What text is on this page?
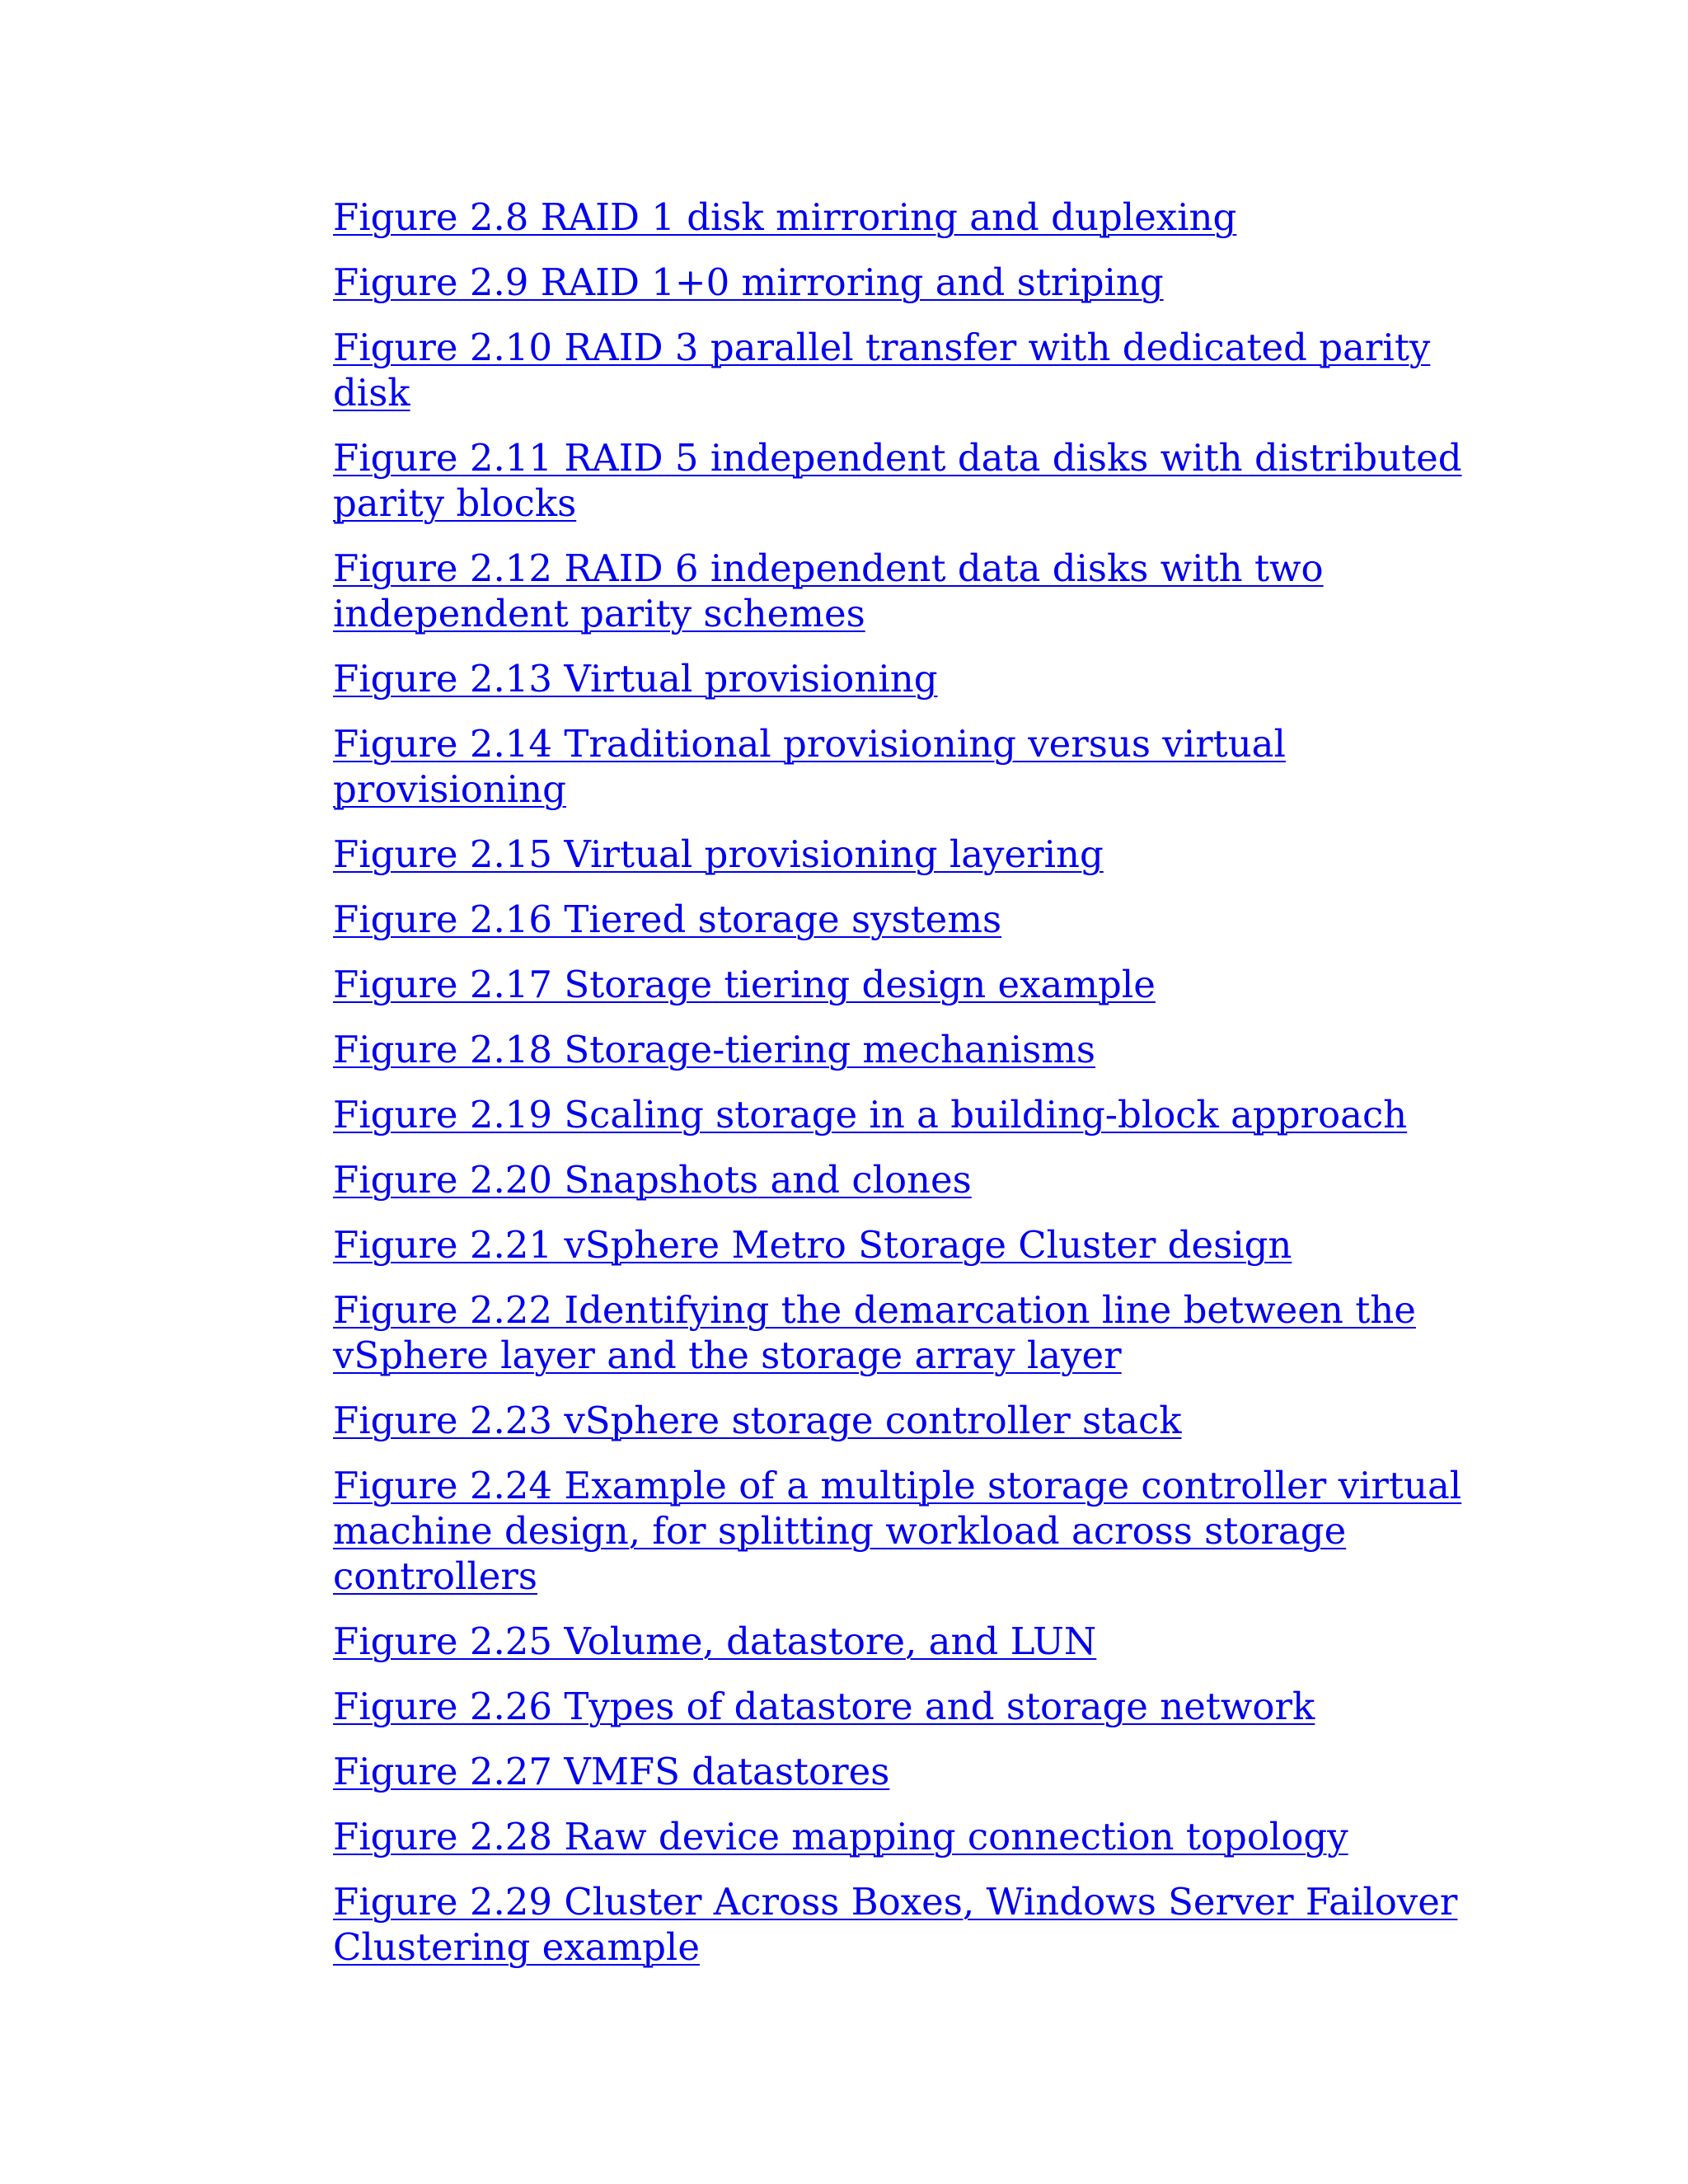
Figure 2.8 RAID 1 disk mirroring and duplexing
Figure 2.9 RAID 1+0 mirroring and striping
Figure 2.10 RAID 3 parallel transfer with dedicated parity disk
Figure 2.11 RAID 5 independent data disks with distributed parity blocks
Figure 2.12 RAID 6 independent data disks with two independent parity schemes
Figure 2.13 Virtual provisioning
Figure 2.14 Traditional provisioning versus virtual provisioning
Figure 2.15 Virtual provisioning layering
Figure 2.16 Tiered storage systems
Figure 2.17 Storage tiering design example
Figure 2.18 Storage-tiering mechanisms
Figure 2.19 Scaling storage in a building-block approach
Figure 2.20 Snapshots and clones
Figure 2.21 vSphere Metro Storage Cluster design
Figure 2.22 Identifying the demarcation line between the vSphere layer and the storage array layer
Figure 2.23 vSphere storage controller stack
Figure 2.24 Example of a multiple storage controller virtual machine design, for splitting workload across storage controllers
Figure 2.25 Volume, datastore, and LUN
Figure 2.26 Types of datastore and storage network
Figure 2.27 VMFS datastores
Figure 2.28 Raw device mapping connection topology
Figure 2.29 Cluster Across Boxes, Windows Server Failover Clustering example
